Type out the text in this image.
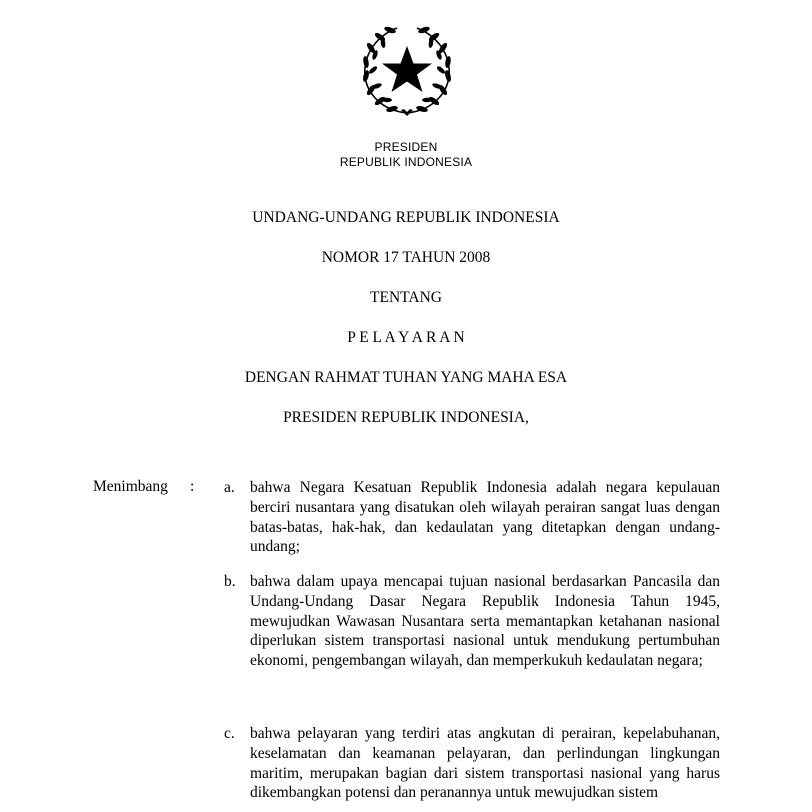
PRESIDEN
REPUBLIK INDONESIA
UNDANG-UNDANG REPUBLIK INDONESIA
NOMOR 17 TAHUN 2008
TENTANG
P E L A Y A R A N
DENGAN RAHMAT TUHAN YANG MAHA ESA
PRESIDEN REPUBLIK INDONESIA,
Menimbang : a. bahwa Negara Kesatuan Republik Indonesia adalah negara kepulauan berciri nusantara yang disatukan oleh wilayah perairan sangat luas dengan batas-batas, hak-hak, dan kedaulatan yang ditetapkan dengan undang-undang;
b. bahwa dalam upaya mencapai tujuan nasional berdasarkan Pancasila dan Undang-Undang Dasar Negara Republik Indonesia Tahun 1945, mewujudkan Wawasan Nusantara serta memantapkan ketahanan nasional diperlukan sistem transportasi nasional untuk mendukung pertumbuhan ekonomi, pengembangan wilayah, dan memperkukuh kedaulatan negara;
c. bahwa pelayaran yang terdiri atas angkutan di perairan, kepelabuhanan, keselamatan dan keamanan pelayaran, dan perlindungan lingkungan maritim, merupakan bagian dari sistem transportasi nasional yang harus dikembangkan potensi dan peranannya untuk mewujudkan sistem
